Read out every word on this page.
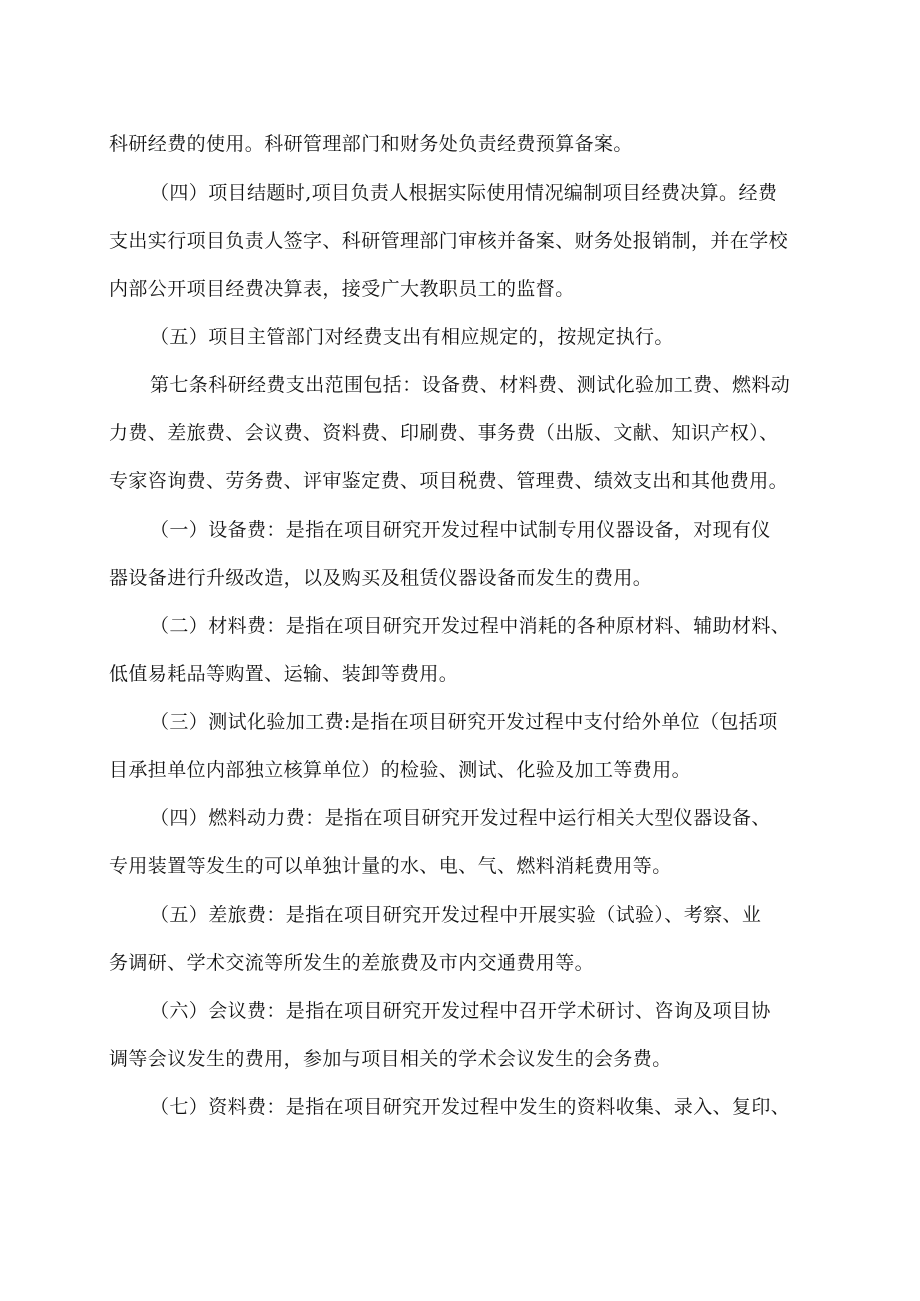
科研经费的使用。科研管理部门和财务处负责经费预算备案。
（四）项目结题时,项目负责人根据实际使用情况编制项目经费决算。经费
支出实行项目负责人签字、科研管理部门审核并备案、财务处报销制，并在学校
内部公开项目经费决算表，接受广大教职员工的监督。
（五）项目主管部门对经费支出有相应规定的，按规定执行。
第七条科研经费支出范围包括：设备费、材料费、测试化验加工费、燃料动
力费、差旅费、会议费、资料费、印刷费、事务费（出版、文献、知识产权）、
专家咨询费、劳务费、评审鉴定费、项目税费、管理费、绩效支出和其他费用。
（一）设备费：是指在项目研究开发过程中试制专用仪器设备，对现有仪
器设备进行升级改造，以及购买及租赁仪器设备而发生的费用。
（二）材料费：是指在项目研究开发过程中消耗的各种原材料、辅助材料、
低值易耗品等购置、运输、装卸等费用。
（三）测试化验加工费:是指在项目研究开发过程中支付给外单位（包括项
目承担单位内部独立核算单位）的检验、测试、化验及加工等费用。
（四）燃料动力费：是指在项目研究开发过程中运行相关大型仪器设备、
专用装置等发生的可以单独计量的水、电、气、燃料消耗费用等。
（五）差旅费：是指在项目研究开发过程中开展实验（试验）、考察、业
务调研、学术交流等所发生的差旅费及市内交通费用等。
（六）会议费：是指在项目研究开发过程中召开学术研讨、咨询及项目协
调等会议发生的费用，参加与项目相关的学术会议发生的会务费。
（七）资料费：是指在项目研究开发过程中发生的资料收集、录入、复印、
